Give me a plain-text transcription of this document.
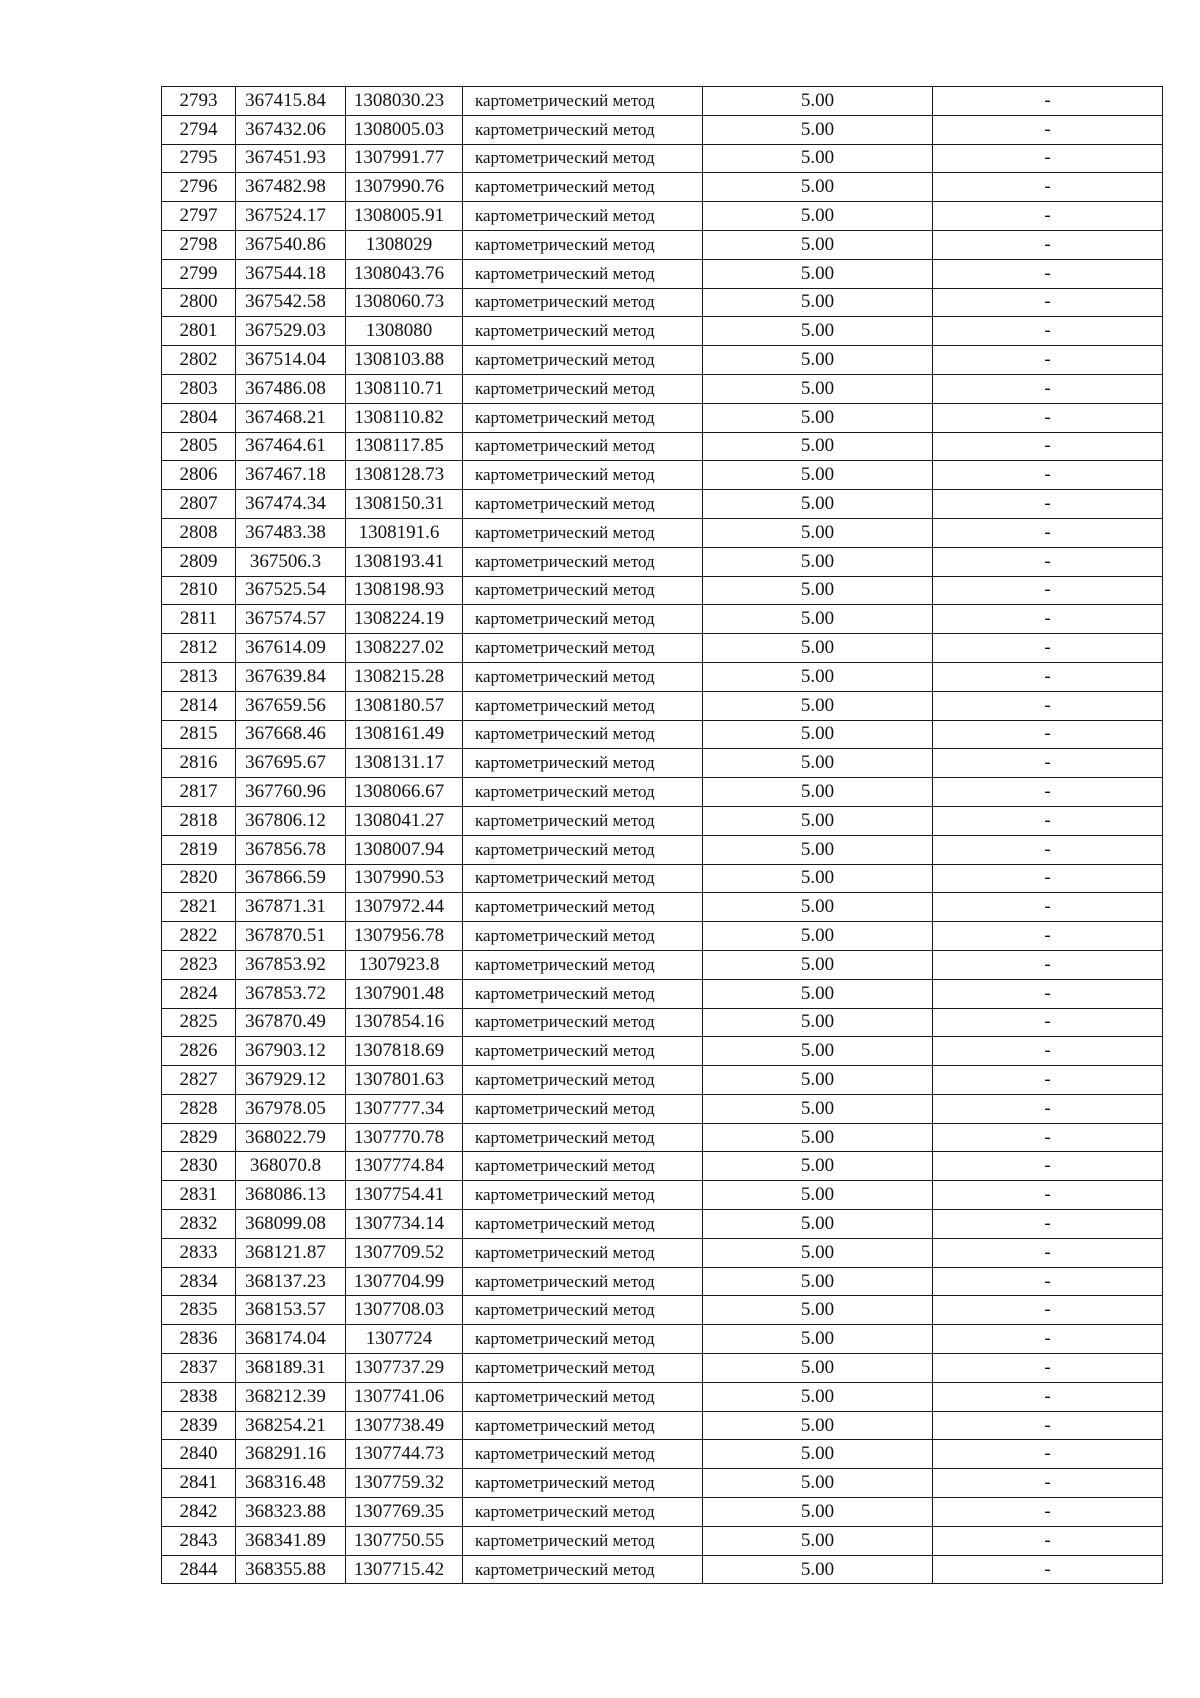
2793	367415.84	1308030.23	картометрический метод	5.00	-
2794	367432.06	1308005.03	картометрический метод	5.00	-
2795	367451.93	1307991.77	картометрический метод	5.00	-
2796	367482.98	1307990.76	картометрический метод	5.00	-
2797	367524.17	1308005.91	картометрический метод	5.00	-
2798	367540.86	1308029	картометрический метод	5.00	-
2799	367544.18	1308043.76	картометрический метод	5.00	-
2800	367542.58	1308060.73	картометрический метод	5.00	-
2801	367529.03	1308080	картометрический метод	5.00	-
2802	367514.04	1308103.88	картометрический метод	5.00	-
2803	367486.08	1308110.71	картометрический метод	5.00	-
2804	367468.21	1308110.82	картометрический метод	5.00	-
2805	367464.61	1308117.85	картометрический метод	5.00	-
2806	367467.18	1308128.73	картометрический метод	5.00	-
2807	367474.34	1308150.31	картометрический метод	5.00	-
2808	367483.38	1308191.6	картометрический метод	5.00	-
2809	367506.3	1308193.41	картометрический метод	5.00	-
2810	367525.54	1308198.93	картометрический метод	5.00	-
2811	367574.57	1308224.19	картометрический метод	5.00	-
2812	367614.09	1308227.02	картометрический метод	5.00	-
2813	367639.84	1308215.28	картометрический метод	5.00	-
2814	367659.56	1308180.57	картометрический метод	5.00	-
2815	367668.46	1308161.49	картометрический метод	5.00	-
2816	367695.67	1308131.17	картометрический метод	5.00	-
2817	367760.96	1308066.67	картометрический метод	5.00	-
2818	367806.12	1308041.27	картометрический метод	5.00	-
2819	367856.78	1308007.94	картометрический метод	5.00	-
2820	367866.59	1307990.53	картометрический метод	5.00	-
2821	367871.31	1307972.44	картометрический метод	5.00	-
2822	367870.51	1307956.78	картометрический метод	5.00	-
2823	367853.92	1307923.8	картометрический метод	5.00	-
2824	367853.72	1307901.48	картометрический метод	5.00	-
2825	367870.49	1307854.16	картометрический метод	5.00	-
2826	367903.12	1307818.69	картометрический метод	5.00	-
2827	367929.12	1307801.63	картометрический метод	5.00	-
2828	367978.05	1307777.34	картометрический метод	5.00	-
2829	368022.79	1307770.78	картометрический метод	5.00	-
2830	368070.8	1307774.84	картометрический метод	5.00	-
2831	368086.13	1307754.41	картометрический метод	5.00	-
2832	368099.08	1307734.14	картометрический метод	5.00	-
2833	368121.87	1307709.52	картометрический метод	5.00	-
2834	368137.23	1307704.99	картометрический метод	5.00	-
2835	368153.57	1307708.03	картометрический метод	5.00	-
2836	368174.04	1307724	картометрический метод	5.00	-
2837	368189.31	1307737.29	картометрический метод	5.00	-
2838	368212.39	1307741.06	картометрический метод	5.00	-
2839	368254.21	1307738.49	картометрический метод	5.00	-
2840	368291.16	1307744.73	картометрический метод	5.00	-
2841	368316.48	1307759.32	картометрический метод	5.00	-
2842	368323.88	1307769.35	картометрический метод	5.00	-
2843	368341.89	1307750.55	картометрический метод	5.00	-
2844	368355.88	1307715.42	картометрический метод	5.00	-
